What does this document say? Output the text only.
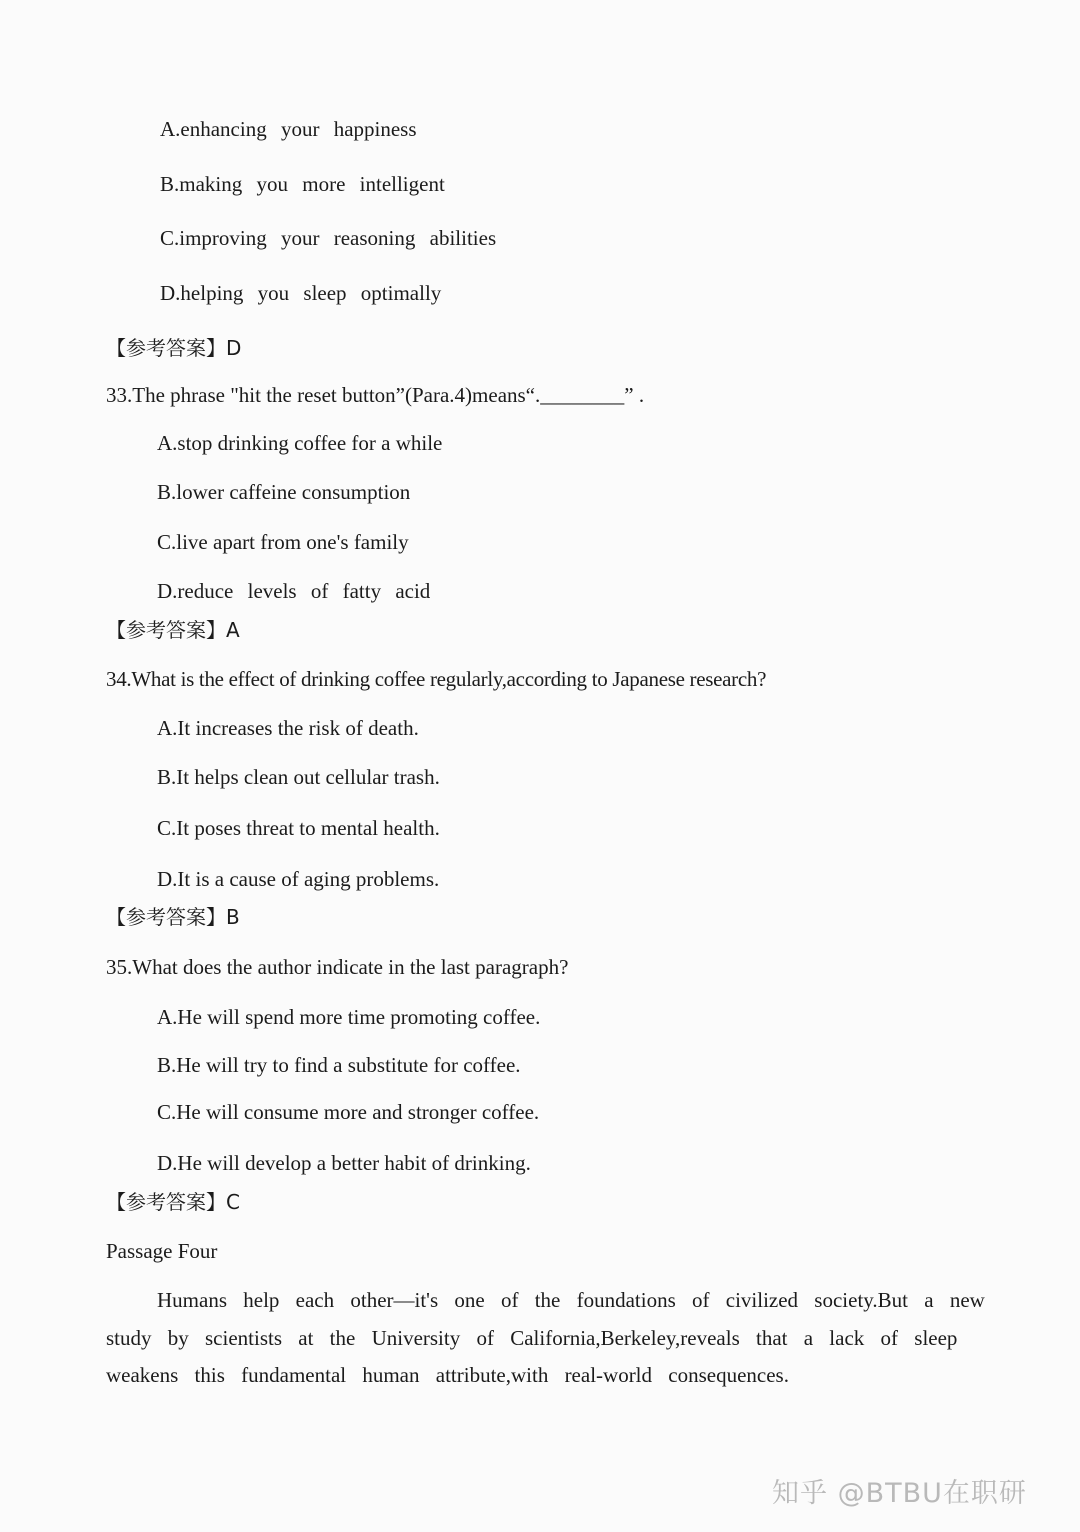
A.enhancing your happiness
B.making you more intelligent
C.improving your reasoning abilities
D.helping you sleep optimally
【参考答案】D
33.The phrase "hit the reset button”(Para.4)means“.________” .
A.stop drinking coffee for a while
B.lower caffeine consumption
C.live apart from one's family
D.reduce levels of fatty acid
【参考答案】A
34.What is the effect of drinking coffee regularly,according to Japanese research?
A.It increases the risk of death.
B.It helps clean out cellular trash.
C.It poses threat to mental health.
D.It is a cause of aging problems.
【参考答案】B
35.What does the author indicate in the last paragraph?
A.He will spend more time promoting coffee.
B.He will try to find a substitute for coffee.
C.He will consume more and stronger coffee.
D.He will develop a better habit of drinking.
【参考答案】C
Passage Four
Humans help each other—it's one of the foundations of civilized society.But a new
study by scientists at the University of California,Berkeley,reveals that a lack of sleep
weakens this fundamental human attribute,with real-world consequences.
知乎 @BTBU在职研
